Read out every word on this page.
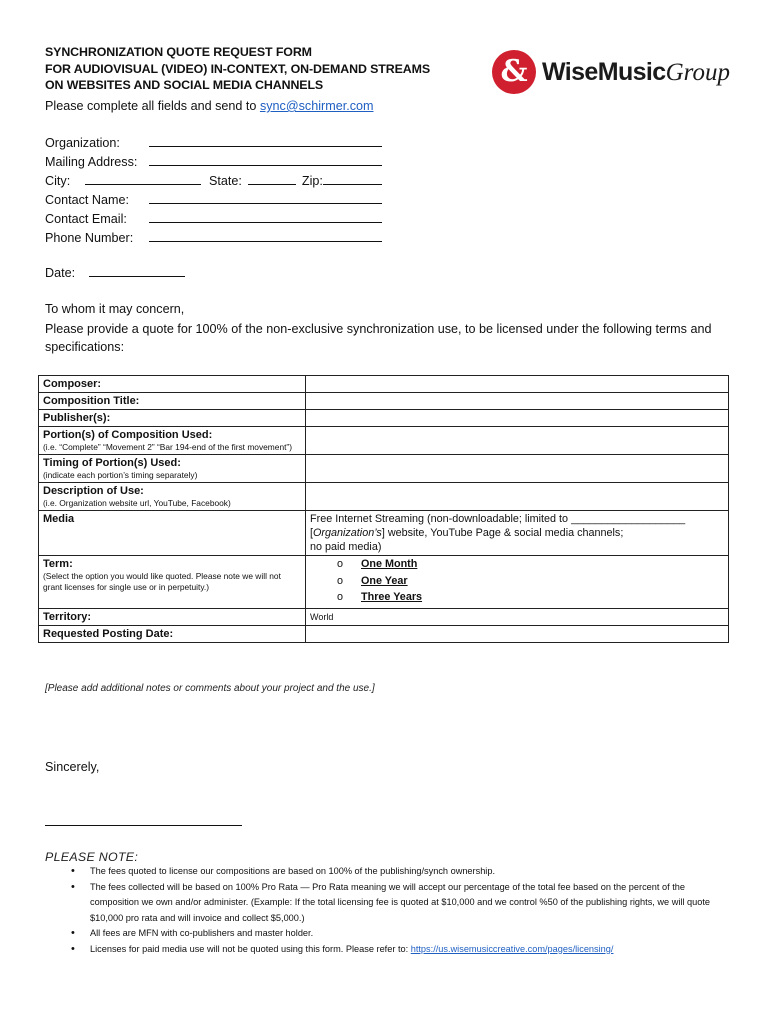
SYNCHRONIZATION QUOTE REQUEST FORM
FOR AUDIOVISUAL (VIDEO) IN-CONTEXT, ON-DEMAND STREAMS
ON WEBSITES AND SOCIAL MEDIA CHANNELS
Please complete all fields and send to sync@schirmer.com
& WiseMusicGroup
Organization:
Mailing Address:
City:	State:	Zip:
Contact Name:
Contact Email:
Phone Number:
Date:
To whom it may concern,
Please provide a quote for 100% of the non-exclusive synchronization use, to be licensed under the following terms and specifications:
Composer:	
Composition Title:	
Publisher(s):	
Portion(s) of Composition Used:
(i.e. “Complete” “Movement 2” “Bar 194-end of the first movement”)	

Timing of Portion(s) Used:
(indicate each portion’s timing separately)	

Description of Use:
(i.e. Organization website url, YouTube, Facebook)	

Media	Free Internet Streaming (non-downloadable; limited to ___________________
[Organization’s] website, YouTube Page & social media channels;
no paid media)

Term:
(Select the option you would like quoted. Please note we will not grant licenses for single use or in perpetuity.)	o One Month
o One Year
o Three Years

Territory:	World
Requested Posting Date:	
[Please add additional notes or comments about your project and the use.]
Sincerely,
PLEASE NOTE:
• The fees quoted to license our compositions are based on 100% of the publishing/synch ownership.
• The fees collected will be based on 100% Pro Rata — Pro Rata meaning we will accept our percentage of the total fee based on the percent of the composition we own and/or administer. (Example: If the total licensing fee is quoted at $10,000 and we control %50 of the publishing rights, we will quote $10,000 pro rata and will invoice and collect $5,000.)
• All fees are MFN with co-publishers and master holder.
• Licenses for paid media use will not be quoted using this form. Please refer to: https://us.wisemusiccreative.com/pages/licensing/
